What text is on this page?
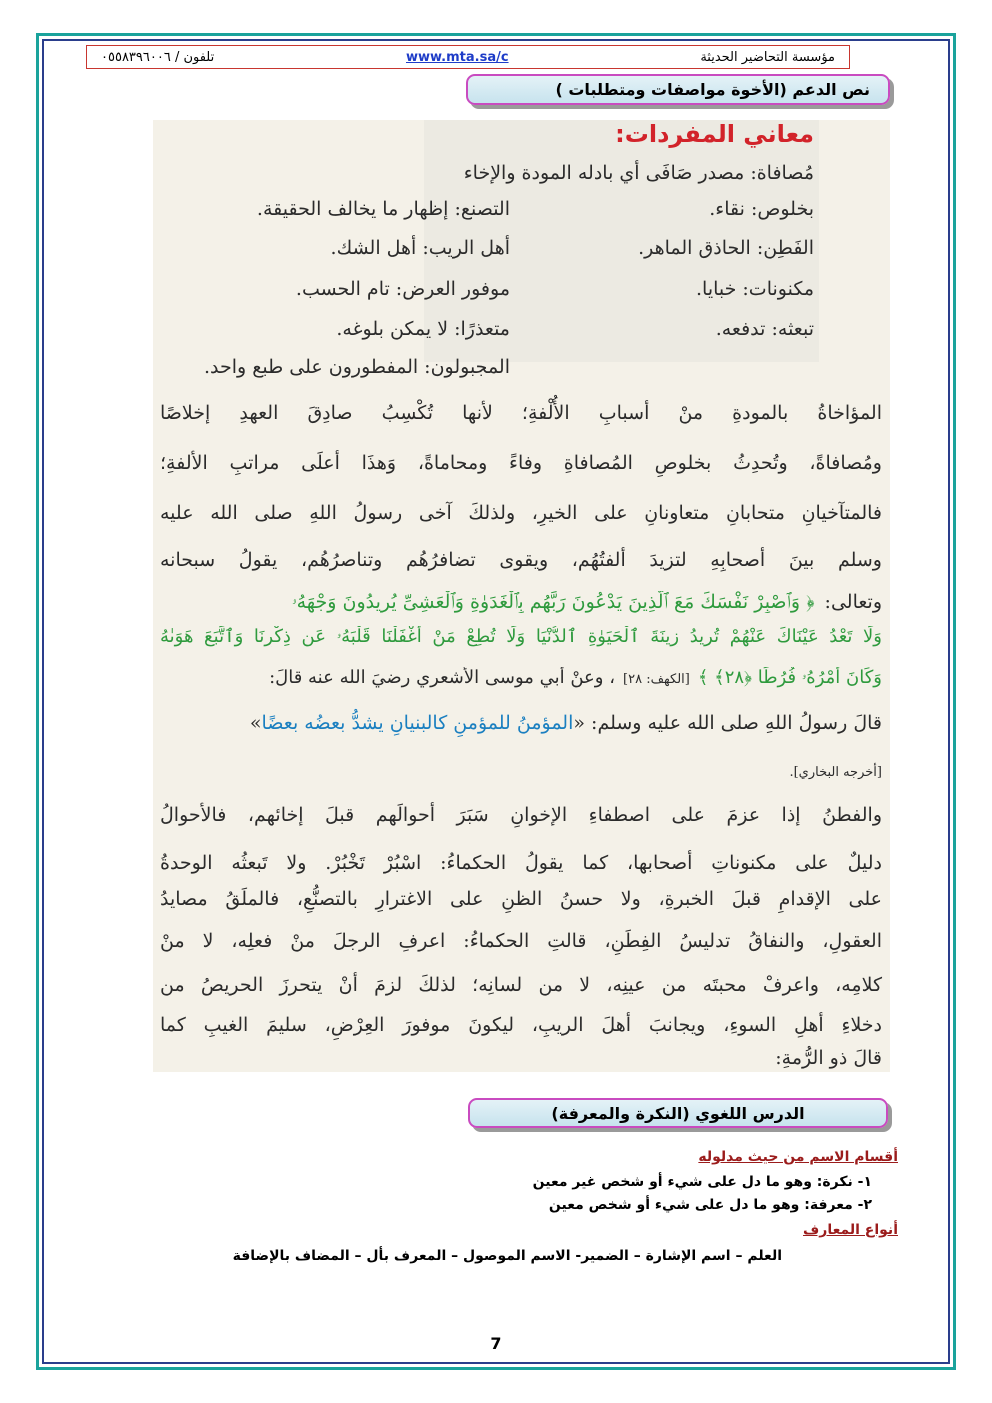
تلفون / ٠٥٥٨٣٩٦٠٠٦	www.mta.sa/c	مؤسسة التحاضير الحديثة
نص الدعم (الأخوة مواصفات ومتطلبات )
معاني المفردات:
مُصافاة: مصدر صَافَى أي بادله المودة والإخاء
بخلوص: نقاء.
التصنع: إظهار ما يخالف الحقيقة.
الفَطِن: الحاذق الماهر.
أهل الريب: أهل الشك.
مكنونات: خبايا.
موفور العرض: تام الحسب.
تبعثه: تدفعه.
متعذرًا: لا يمكن بلوغه.
المجبولون: المفطورون على طبع واحد.
المؤاخاةُ بالمودةِ منْ أسبابِ الأُلْفةِ؛ لأنها تُكْسِبُ صادِقَ العهدِ إخلاصًا
ومُصافاةً، وتُحدِثُ بخلوصِ المُصافاةِ وفاءً ومحاماةً، وَهذَا أعلَى مراتبِ الألفةِ؛
فالمتآخيانِ متحابانِ متعاونانِ على الخيرِ، ولذلكَ آخى رسولُ اللهِ صلى الله عليه
وسلم بينَ أصحابِهِ لتزيدَ ألفتُهُم، ويقوى تضافرُهُم وتناصرُهُم، يقولُ سبحانه
وتعالى:
﴿ وَٱصْبِرْ نَفْسَكَ مَعَ ٱلَّذِينَ يَدْعُونَ رَبَّهُم بِٱلْغَدَوٰةِ وَٱلْعَشِىِّ يُرِيدُونَ وَجْهَهُۥ
وَلَا تَعْدُ عَيْنَاكَ عَنْهُمْ تُرِيدُ زِينَةَ ٱلْحَيَوٰةِ ٱلدُّنْيَا وَلَا تُطِعْ مَنْ أَغْفَلْنَا قَلْبَهُۥ عَن ذِكْرِنَا وَٱتَّبَعَ هَوَىٰهُ
وَكَانَ أَمْرُهُۥ فُرُطًا ﴿٢٨﴾ ﴾
[الكهف: ٢٨]
، وعنْ أبي موسى الأشعري رضيَ الله عنه قالَ:
قالَ رسولُ اللهِ صلى الله عليه وسلم: «
المؤمنُ للمؤمنِ كالبنيانِ يشدُّ بعضُه بعضًا
»
[أخرجه البخاري].
والفطنُ إذا عزمَ على اصطفاءِ الإخوانِ سَبَرَ أحوالَهم قبلَ إخائهم، فالأحوالُ
دليلٌ على مكنوناتِ أصحابها، كما يقولُ الحكماءُ: اسْبُرْ تَخْبُرْ. ولا تَبعثُه الوحدةُ
على الإقدامِ قبلَ الخبرةِ، ولا حسنُ الظنِ على الاغترارِ بالتصنُّعِ، فالملَقُ مصايدُ
العقولِ، والنفاقُ تدليسُ الفِطَنِ، قالتِ الحكماءُ: اعرفِ الرجلَ منْ فعلِه، لا منْ
كلامِه، واعرفْ محبتَه من عينِه، لا من لسانِه؛ لذلكَ لزمَ أنْ يتحرزَ الحريصُ من
دخلاءِ أهلِ السوءِ، ويجانبَ أهلَ الريبِ، ليكونَ موفورَ العِرْضِ، سليمَ الغيبِ كما
قالَ ذو الرُّمةِ:
الدرس اللغوي (النكرة والمعرفة)
أقسام الاسم من حيث مدلوله
١- نكرة: وهو ما دل على شيء أو شخص غير معين
٢- معرفة: وهو ما دل على شيء أو شخص معين
أنواع المعارف
العلم – اسم الإشارة – الضمير- الاسم الموصول – المعرف بأل – المضاف بالإضافة
7
